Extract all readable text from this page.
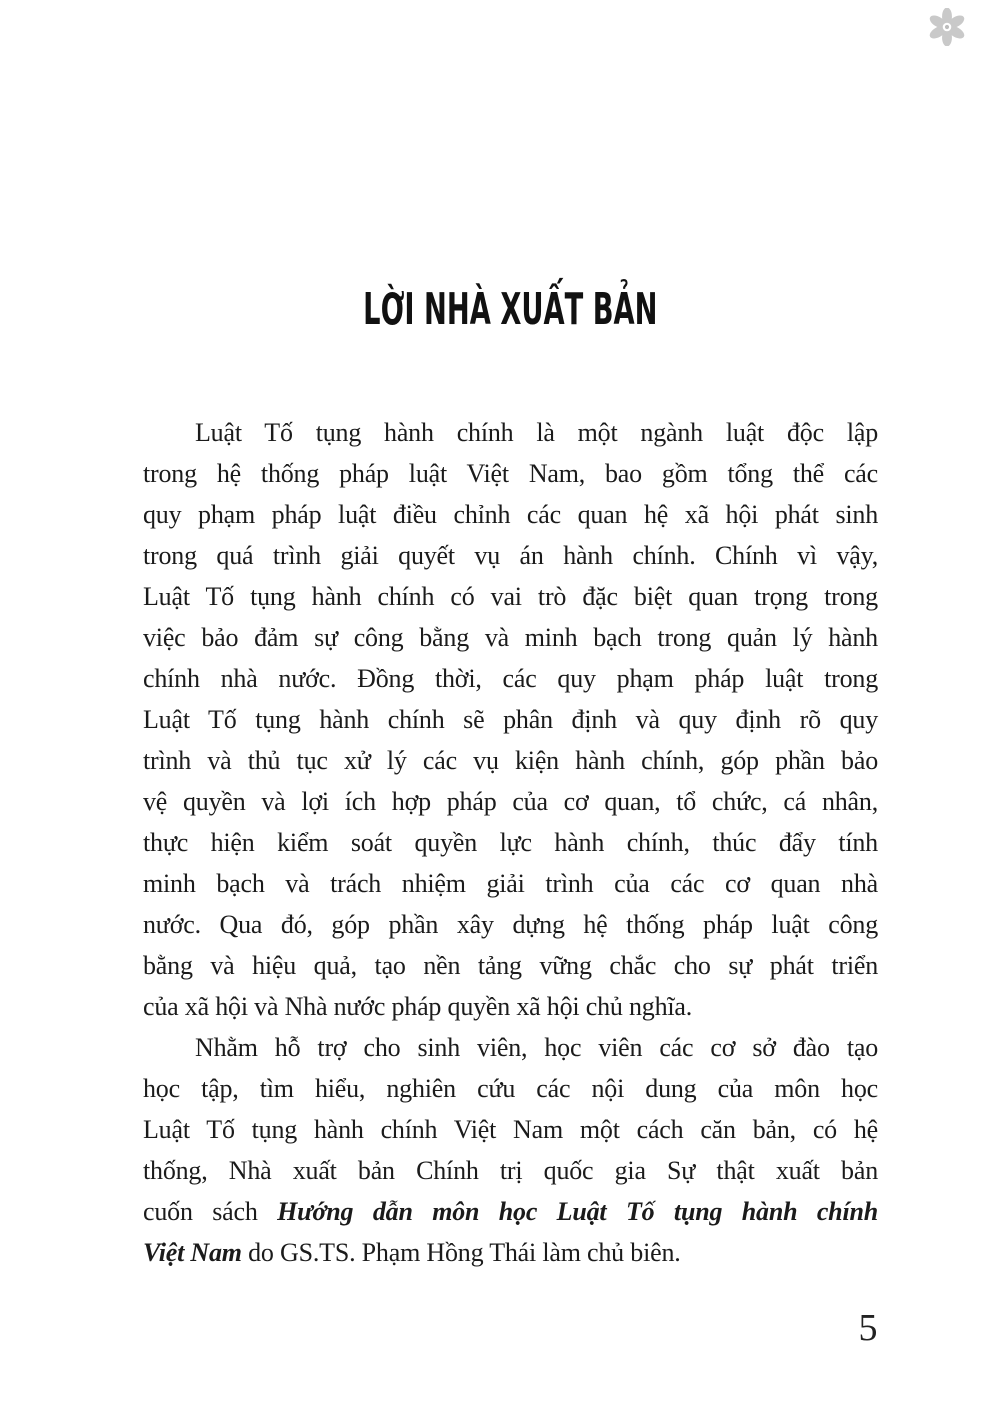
LỜI NHÀ XUẤT BẢN
Luật Tố tụng hành chính là một ngành luật độc lập
trong hệ thống pháp luật Việt Nam, bao gồm tổng thể các
quy phạm pháp luật điều chỉnh các quan hệ xã hội phát sinh
trong quá trình giải quyết vụ án hành chính. Chính vì vậy,
Luật Tố tụng hành chính có vai trò đặc biệt quan trọng trong
việc bảo đảm sự công bằng và minh bạch trong quản lý hành
chính nhà nước. Đồng thời, các quy phạm pháp luật trong
Luật Tố tụng hành chính sẽ phân định và quy định rõ quy
trình và thủ tục xử lý các vụ kiện hành chính, góp phần bảo
vệ quyền và lợi ích hợp pháp của cơ quan, tổ chức, cá nhân,
thực hiện kiểm soát quyền lực hành chính, thúc đẩy tính
minh bạch và trách nhiệm giải trình của các cơ quan nhà
nước. Qua đó, góp phần xây dựng hệ thống pháp luật công
bằng và hiệu quả, tạo nền tảng vững chắc cho sự phát triển
của xã hội và Nhà nước pháp quyền xã hội chủ nghĩa.
Nhằm hỗ trợ cho sinh viên, học viên các cơ sở đào tạo
học tập, tìm hiểu, nghiên cứu các nội dung của môn học
Luật Tố tụng hành chính Việt Nam một cách căn bản, có hệ
thống, Nhà xuất bản Chính trị quốc gia Sự thật xuất bản
cuốn sách Hướng dẫn môn học Luật Tố tụng hành chính
Việt Nam do GS.TS. Phạm Hồng Thái làm chủ biên.
5
